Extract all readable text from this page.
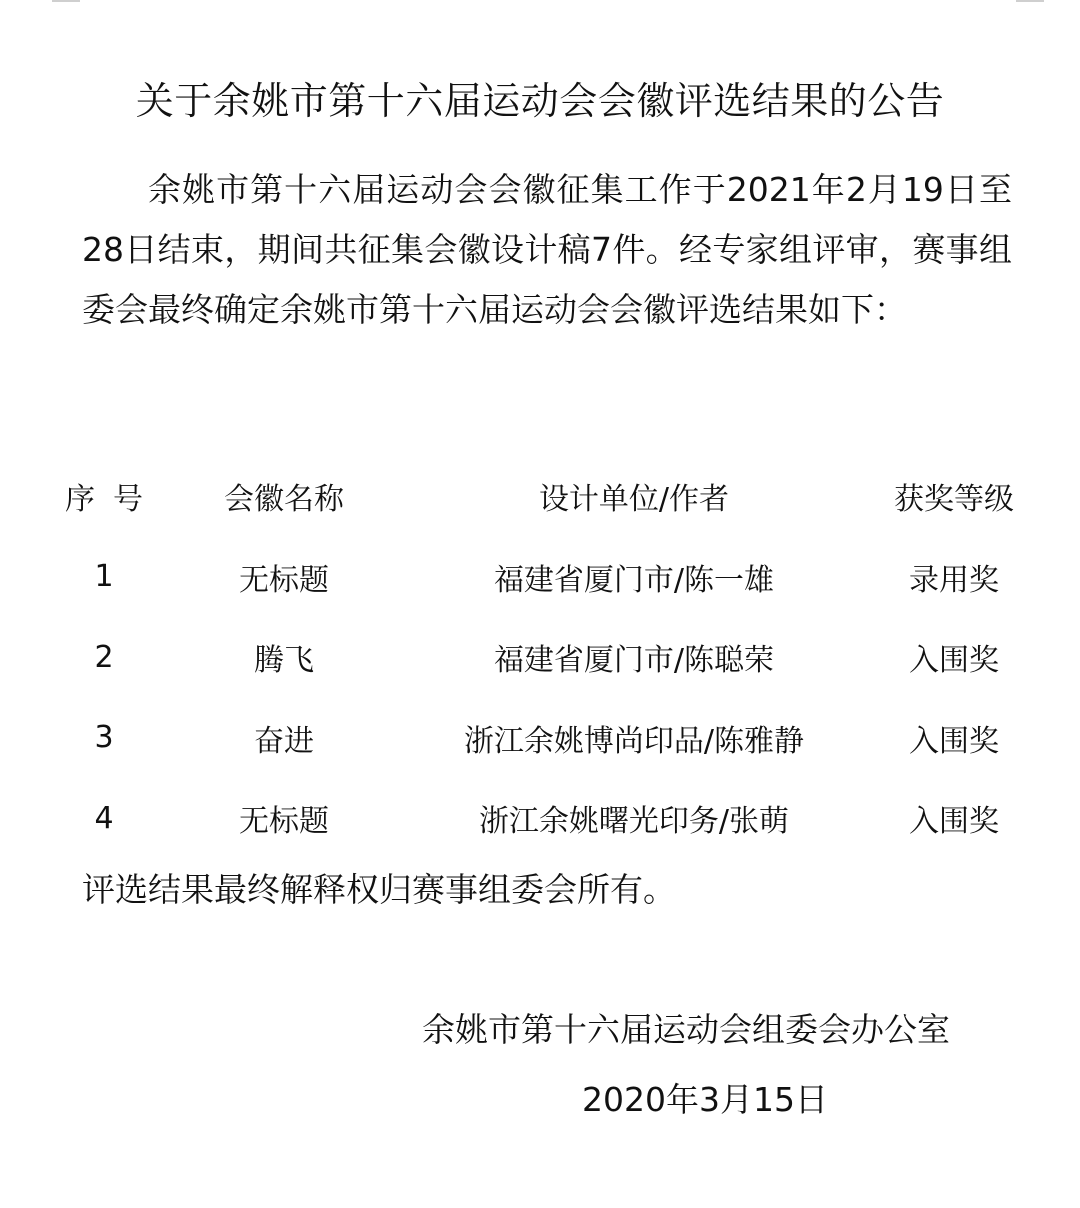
关于余姚市第十六届运动会会徽评选结果的公告

余姚市第十六届运动会会徽征集工作于2021年2月19日至28日结束，期间共征集会徽设计稿7件。经专家组评审，赛事组委会最终确定余姚市第十六届运动会会徽评选结果如下：

序号	会徽名称	设计单位/作者	获奖等级
1	无标题	福建省厦门市/陈一雄	录用奖
2	腾飞	福建省厦门市/陈聪荣	入围奖
3	奋进	浙江余姚博尚印品/陈雅静	入围奖
4	无标题	浙江余姚曙光印务/张萌	入围奖

评选结果最终解释权归赛事组委会所有。

余姚市第十六届运动会组委会办公室
2020年3月15日
